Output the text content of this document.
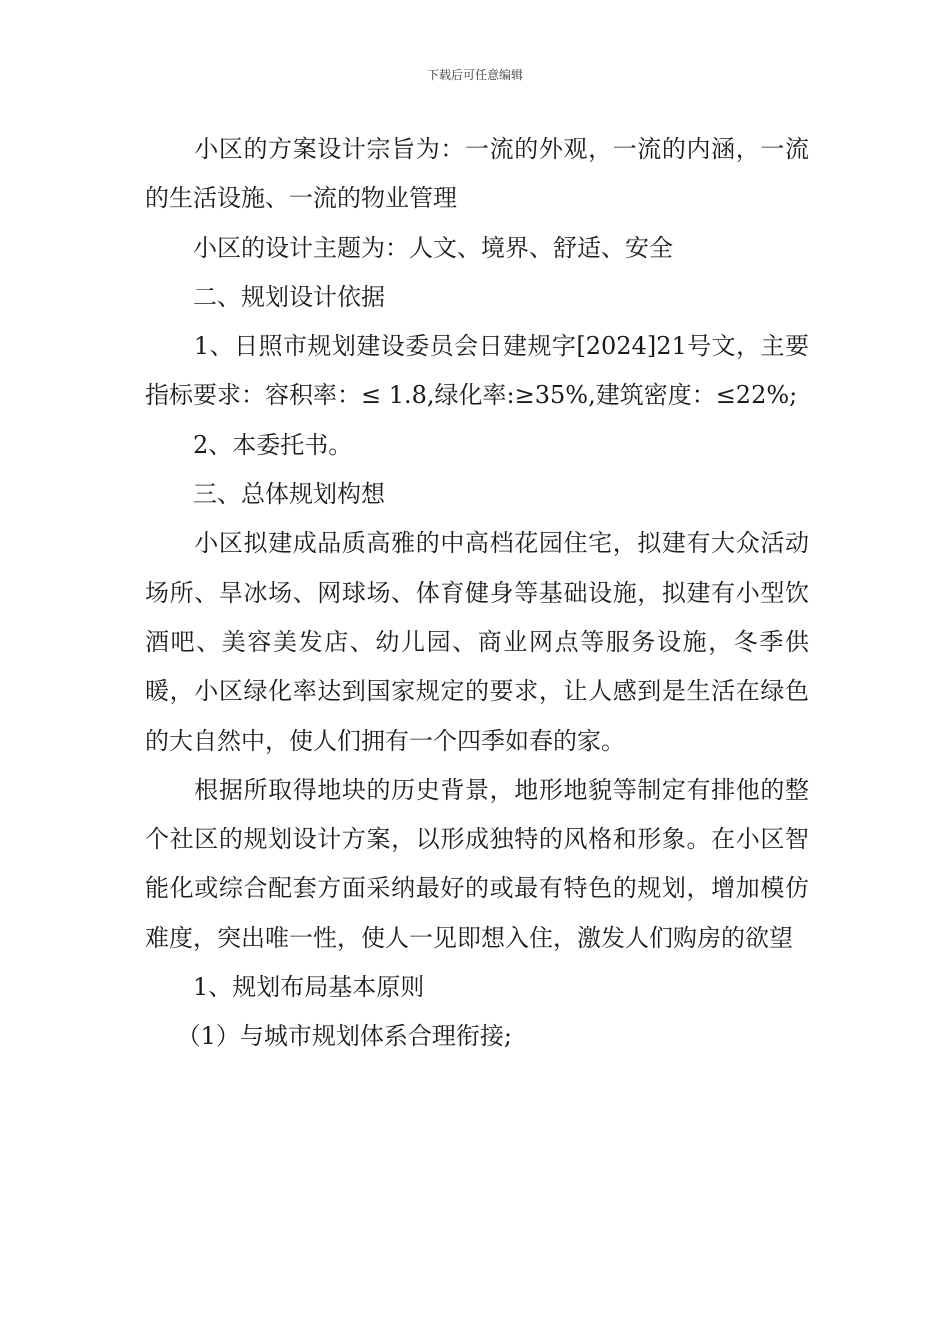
下载后可任意编辑

　　小区的方案设计宗旨为：一流的外观，一流的内涵，一流的生活设施、一流的物业管理

　　小区的设计主题为：人文、境界、舒适、安全

　　二、规划设计依据

　　1、日照市规划建设委员会日建规字[2024]21号文，主要指标要求：容积率：≤ 1.8,绿化率:≥35%,建筑密度：≤22%;

　　2、本委托书。

　　三、总体规划构想

　　小区拟建成品质高雅的中高档花园住宅，拟建有大众活动场所、旱冰场、网球场、体育健身等基础设施，拟建有小型饮酒吧、美容美发店、幼儿园、商业网点等服务设施，冬季供暖，小区绿化率达到国家规定的要求，让人感到是生活在绿色的大自然中，使人们拥有一个四季如春的家。

　　根据所取得地块的历史背景，地形地貌等制定有排他的整个社区的规划设计方案，以形成独特的风格和形象。在小区智能化或综合配套方面采纳最好的或最有特色的规划，增加模仿难度，突出唯一性，使人一见即想入住，激发人们购房的欲望

　　1、规划布局基本原则

　 （1）与城市规划体系合理衔接;
